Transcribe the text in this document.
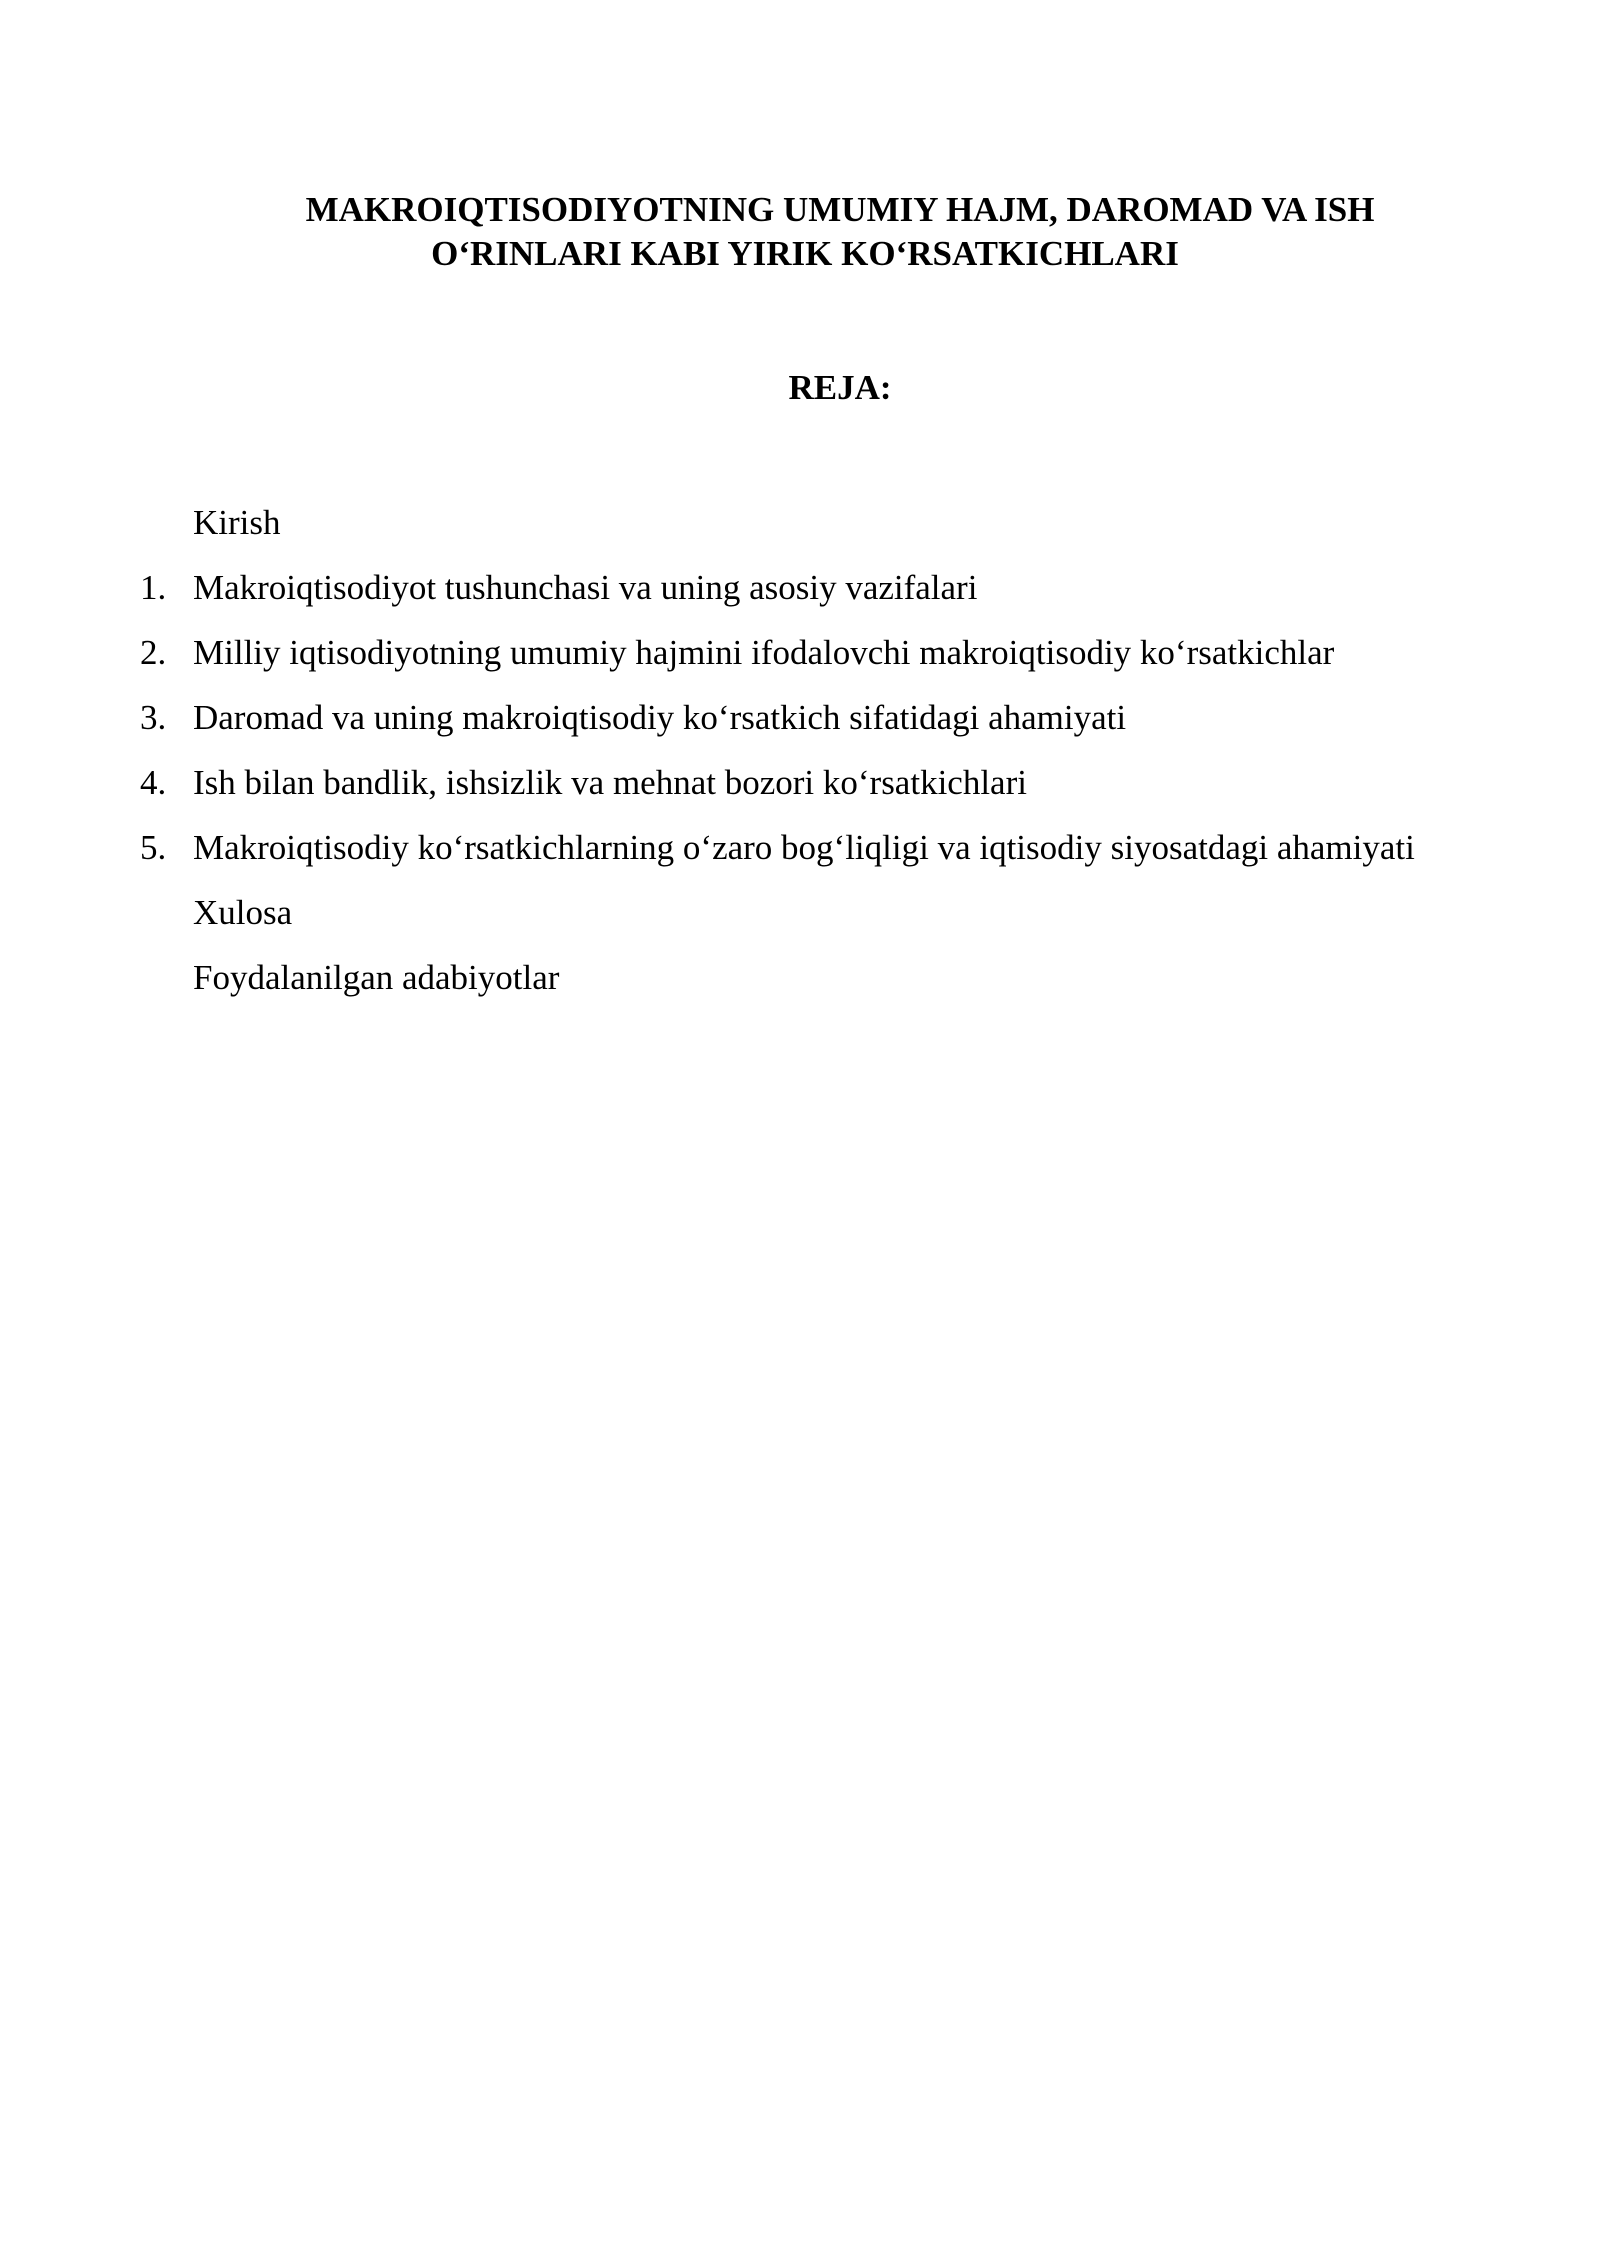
MAKROIQTISODIYOTNING UMUMIY HAJM, DAROMAD VA ISH
O‘RINLARI KABI YIRIK KO‘RSATKICHLARI
REJA:
Kirish
1. Makroiqtisodiyot tushunchasi va uning asosiy vazifalari
2. Milliy iqtisodiyotning umumiy hajmini ifodalovchi makroiqtisodiy ko‘rsatkichlar
3. Daromad va uning makroiqtisodiy ko‘rsatkich sifatidagi ahamiyati
4. Ish bilan bandlik, ishsizlik va mehnat bozori ko‘rsatkichlari
5. Makroiqtisodiy ko‘rsatkichlarning o‘zaro bog‘liqligi va iqtisodiy siyosatdagi ahamiyati
Xulosa
Foydalanilgan adabiyotlar
